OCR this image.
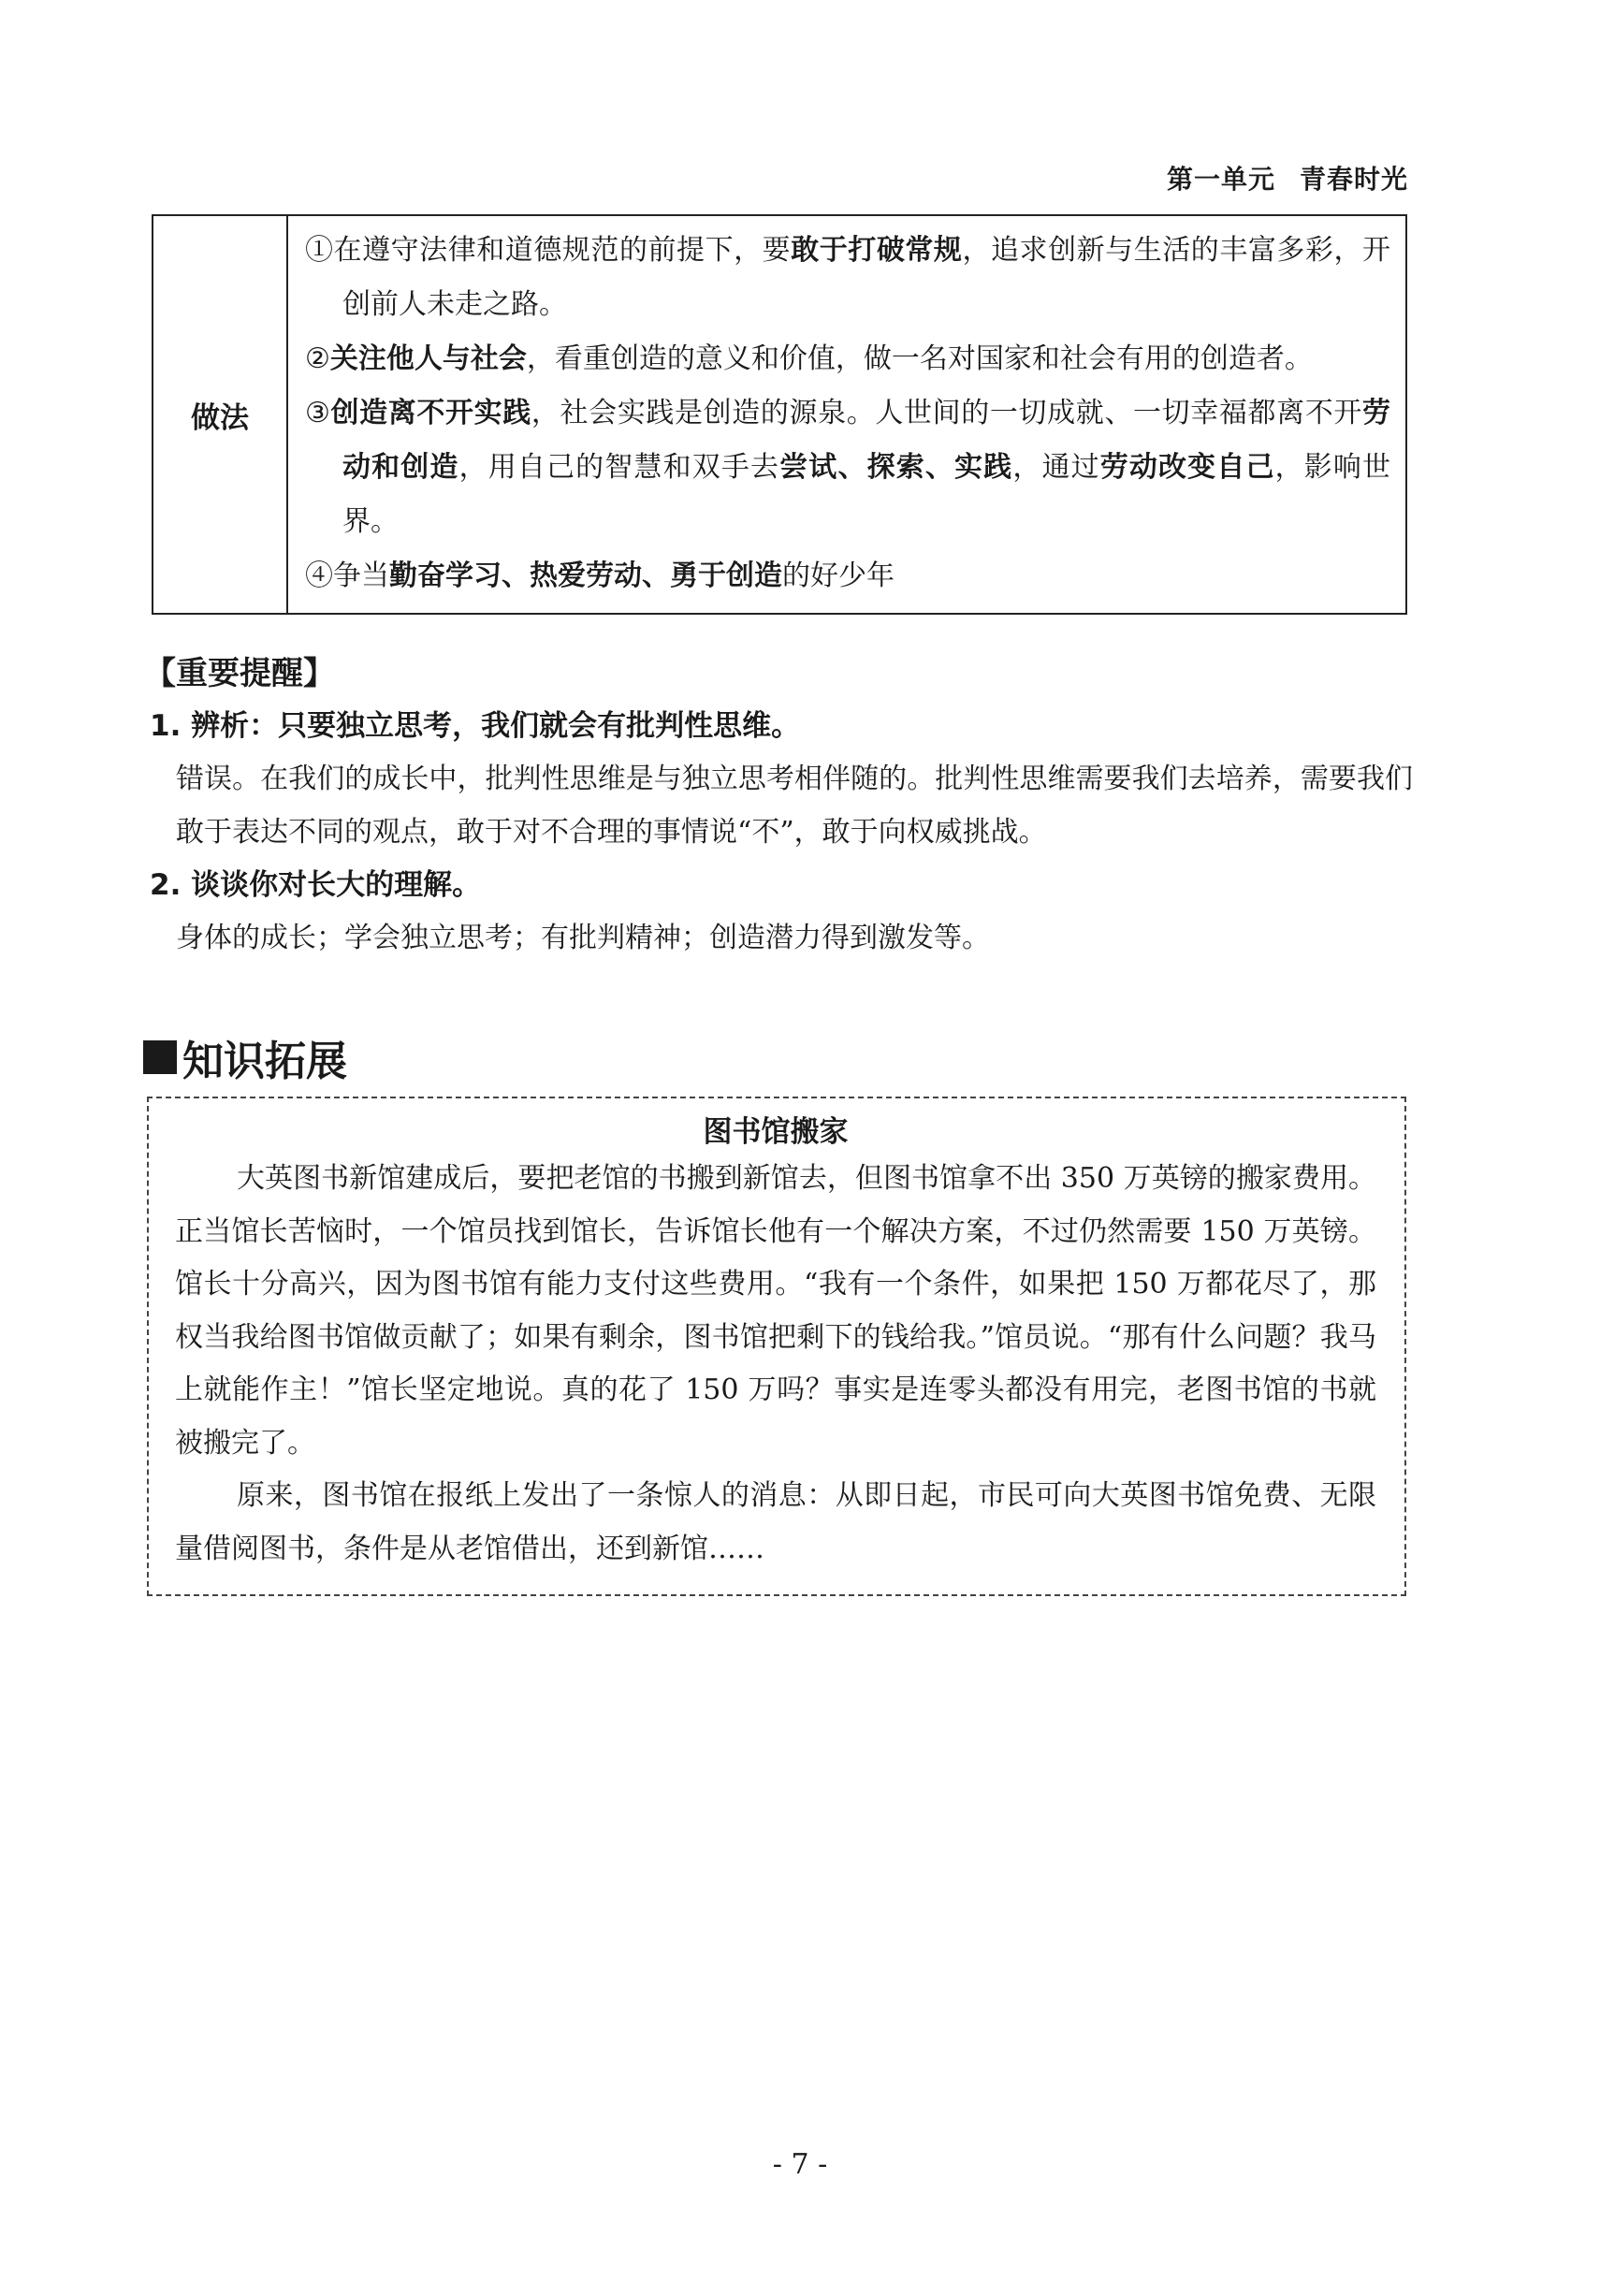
第一单元 青春时光
做法
①在遵守法律和道德规范的前提下，要敢于打破常规，追求创新与生活的丰富多彩，开创前人未走之路。
②关注他人与社会，看重创造的意义和价值，做一名对国家和社会有用的创造者。
③创造离不开实践，社会实践是创造的源泉。人世间的一切成就、一切幸福都离不开劳动和创造，用自己的智慧和双手去尝试、探索、实践，通过劳动改变自己，影响世界。
④争当勤奋学习、热爱劳动、勇于创造的好少年
【重要提醒】
1. 辨析：只要独立思考，我们就会有批判性思维。
错误。在我们的成长中，批判性思维是与独立思考相伴随的。批判性思维需要我们去培养，需要我们敢于表达不同的观点，敢于对不合理的事情说“不”，敢于向权威挑战。
2. 谈谈你对长大的理解。
身体的成长；学会独立思考；有批判精神；创造潜力得到激发等。
知识拓展
图书馆搬家

大英图书新馆建成后，要把老馆的书搬到新馆去，但图书馆拿不出 350 万英镑的搬家费用。正当馆长苦恼时，一个馆员找到馆长，告诉馆长他有一个解决方案，不过仍然需要 150 万英镑。馆长十分高兴，因为图书馆有能力支付这些费用。“我有一个条件，如果把 150 万都花尽了，那权当我给图书馆做贡献了；如果有剩余，图书馆把剩下的钱给我。”馆员说。“那有什么问题？我马上就能作主！”馆长坚定地说。真的花了 150 万吗？事实是连零头都没有用完，老图书馆的书就被搬完了。

原来，图书馆在报纸上发出了一条惊人的消息：从即日起，市民可向大英图书馆免费、无限量借阅图书，条件是从老馆借出，还到新馆……

- 7 -
